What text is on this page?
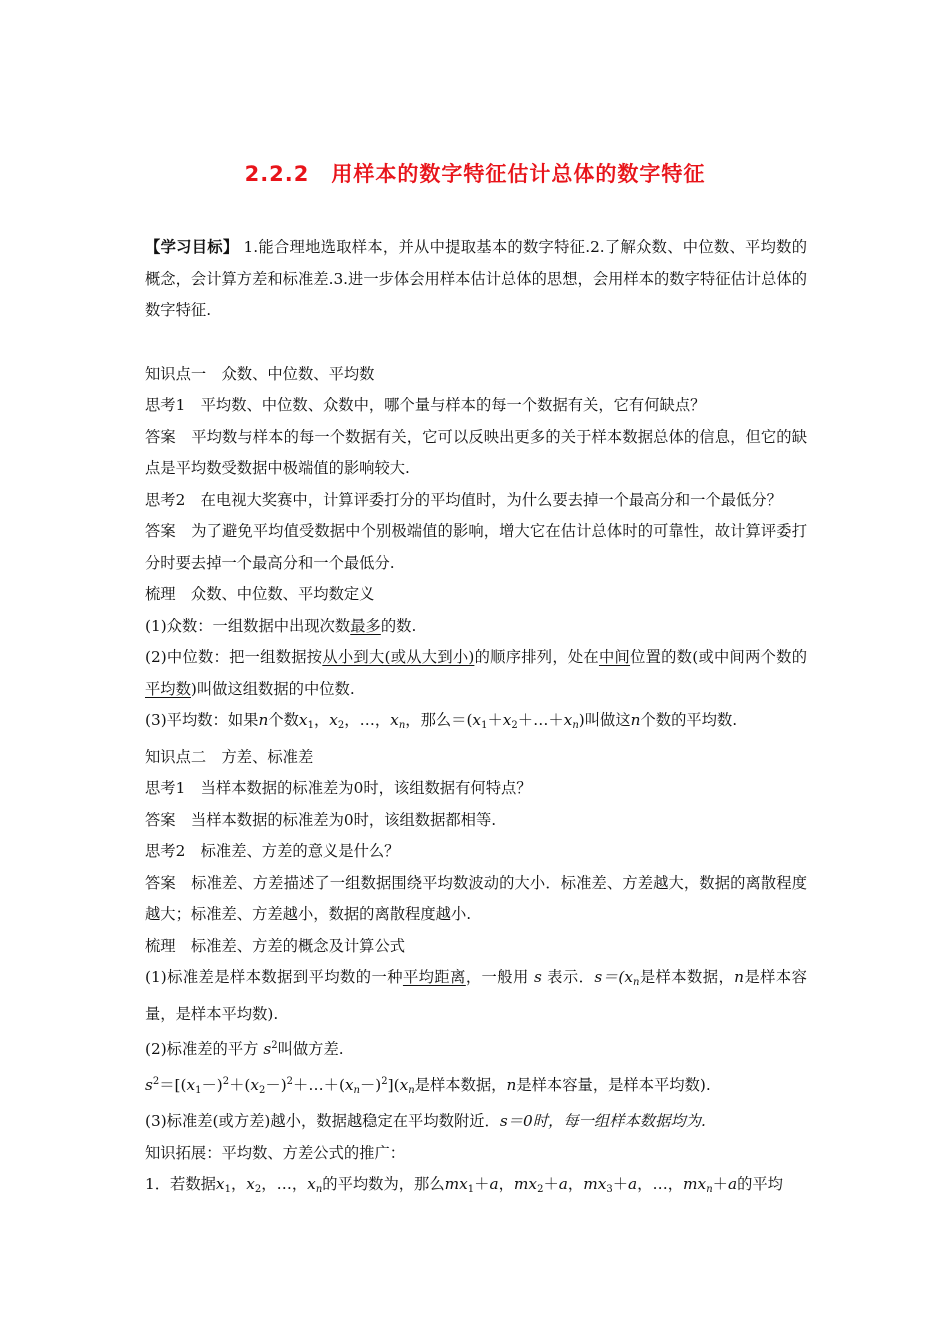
2.2.2　用样本的数字特征估计总体的数字特征

【学习目标】 1.能合理地选取样本，并从中提取基本的数字特征.2.了解众数、中位数、平均数的概念，会计算方差和标准差.3.进一步体会用样本估计总体的思想，会用样本的数字特征估计总体的数字特征.

知识点一　众数、中位数、平均数

思考1　平均数、中位数、众数中，哪个量与样本的每一个数据有关，它有何缺点？

答案　平均数与样本的每一个数据有关，它可以反映出更多的关于样本数据总体的信息，但它的缺点是平均数受数据中极端值的影响较大.

思考2　在电视大奖赛中，计算评委打分的平均值时，为什么要去掉一个最高分和一个最低分？

答案　为了避免平均值受数据中个别极端值的影响，增大它在估计总体时的可靠性，故计算评委打分时要去掉一个最高分和一个最低分.

梳理　众数、中位数、平均数定义

(1)众数：一组数据中出现次数最多的数.

(2)中位数：把一组数据按从小到大(或从大到小)的顺序排列，处在中间位置的数(或中间两个数的平均数)叫做这组数据的中位数.

(3)平均数：如果n个数$x_1$，$x_2$，…，$x_n$，那么$=(x_1+x_2+\dots+x_n)$叫做这n个数的平均数.

知识点二　方差、标准差

思考1　当样本数据的标准差为0时，该组数据有何特点？

答案　当样本数据的标准差为0时，该组数据都相等.

思考2　标准差、方差的意义是什么？

答案　标准差、方差描述了一组数据围绕平均数波动的大小．标准差、方差越大，数据的离散程度越大；标准差、方差越小，数据的离散程度越小.

梳理　标准差、方差的概念及计算公式

(1)标准差是样本数据到平均数的一种平均距离，一般用 s 表示．$s=(x_n$是样本数据，n是样本容量，是样本平均数).

(2)标准差的平方 $s^2$叫做方差.

$s^2=[(x_1-)^2+(x_2-)^2+\dots+(x_n-)^2](x_n$是样本数据，n是样本容量，是样本平均数).

(3)标准差(或方差)越小，数据越稳定在平均数附近．s＝0时，每一组样本数据均为.

知识拓展：平均数、方差公式的推广：

1．若数据$x_1$，$x_2$，…，$x_n$的平均数为，那么$mx_1+a$，$mx_2+a$，$mx_3+a$，…，$mx_n+a$的平均
